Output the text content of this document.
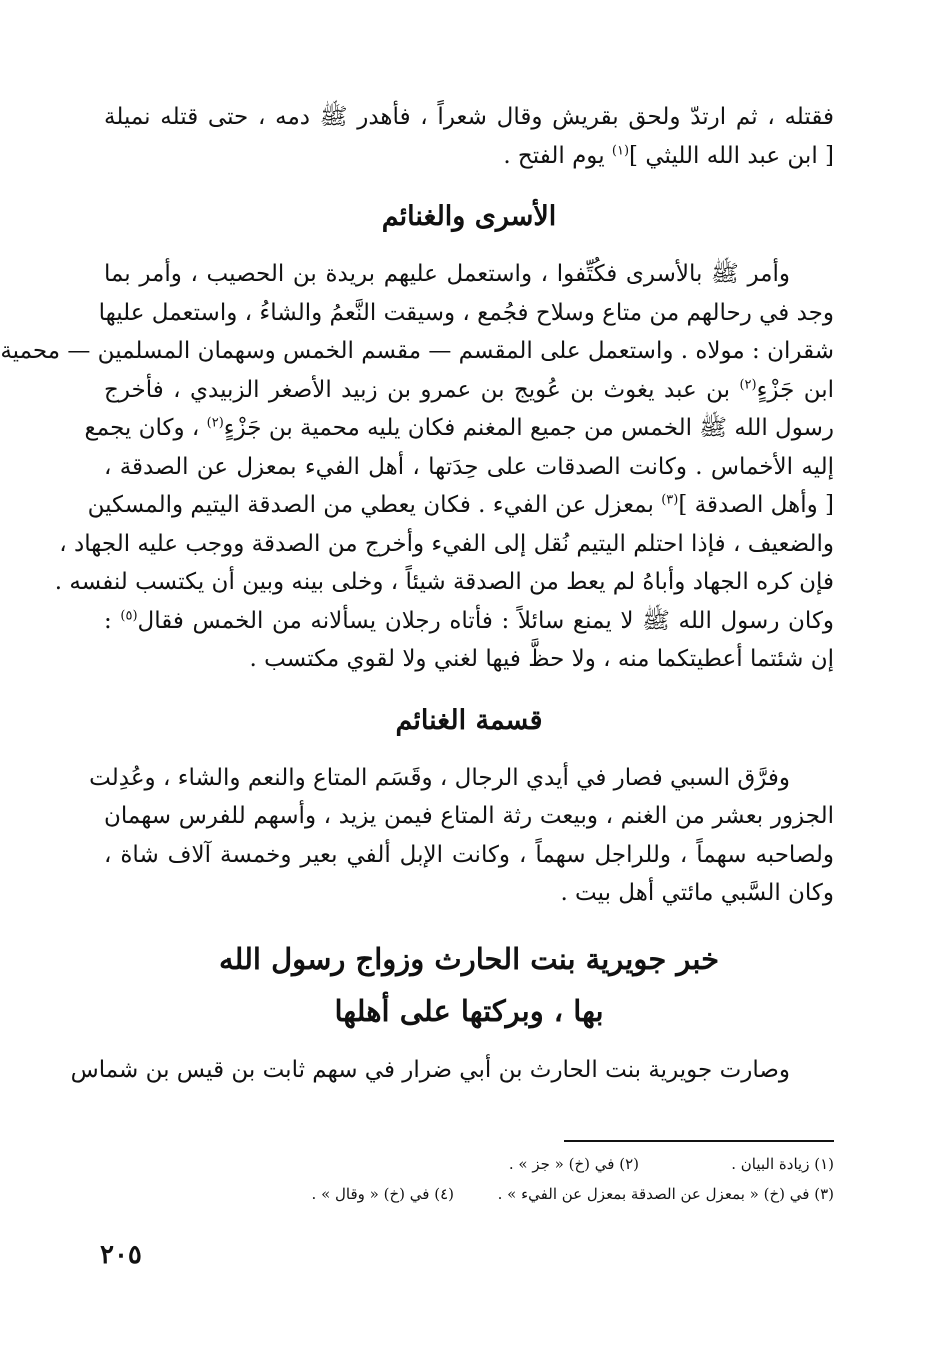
فقتله ، ثم ارتدّ ولحق بقريش وقال شعراً ، فأهدر ﷺ دمه ، حتى قتله نميلة
[ ابن عبد الله الليثي ]$^{(١)}$ يوم الفتح .

الأسرى والغنائم

وأمر ﷺ بالأسرى فكُتِّفوا ، واستعمل عليهم بريدة بن الحصيب ، وأمر بما
وجد في رحالهم من متاع وسلاح فجُمع ، وسيقت النَّعمُ والشاءُ ، واستعمل عليها
شقران : مولاه . واستعمل على المقسم — مقسم الخمس وسهمان المسلمين — محمية
ابن جَزْءٍ$^{(٢)}$ بن عبد يغوث بن عُويج بن عمرو بن زبيد الأصغر الزبيدي ، فأخرج
رسول الله ﷺ الخمس من جميع المغنم فكان يليه محمية بن جَزْءٍ$^{(٢)}$ ، وكان يجمع
إليه الأخماس . وكانت الصدقات على حِدَتها ، أهل الفيء بمعزل عن الصدقة ،
[ وأهل الصدقة ]$^{(٣)}$ بمعزل عن الفيء . فكان يعطي من الصدقة اليتيم والمسكين
والضعيف ، فإذا احتلم اليتيم نُقل إلى الفيء وأخرج من الصدقة ووجب عليه الجهاد ،
فإن كره الجهاد وأباهُ لم يعط من الصدقة شيئاً ، وخلى بينه وبين أن يكتسب لنفسه .
وكان رسول الله ﷺ لا يمنع سائلاً : فأتاه رجلان يسألانه من الخمس فقال$^{(٥)}$ :
إن شئتما أعطيتكما منه ، ولا حظَّ فيها لغني ولا لقوي مكتسب .

قسمة الغنائم

وفرَّق السبي فصار في أيدي الرجال ، وقَسَم المتاع والنعم والشاء ، وعُدِلت
الجزور بعشر من الغنم ، وبيعت رثة المتاع فيمن يزيد ، وأسهم للفرس سهمان
ولصاحبه سهماً ، وللراجل سهماً ، وكانت الإبل ألفي بعير وخمسة آلاف شاة ،
وكان السَّبي مائتي أهل بيت .

خبر جويرية بنت الحارث وزواج رسول الله
بها ، وبركتها على أهلها

وصارت جويرية بنت الحارث بن أبي ضرار في سهم ثابت بن قيس بن شماس

(١) زيادة البيان .
(٢) في (خ) « جز » .
(٣) في (خ) « بمعزل عن الصدقة بمعزل عن الفيء » .
(٤) في (خ) « وقال » .
٢٠٥
